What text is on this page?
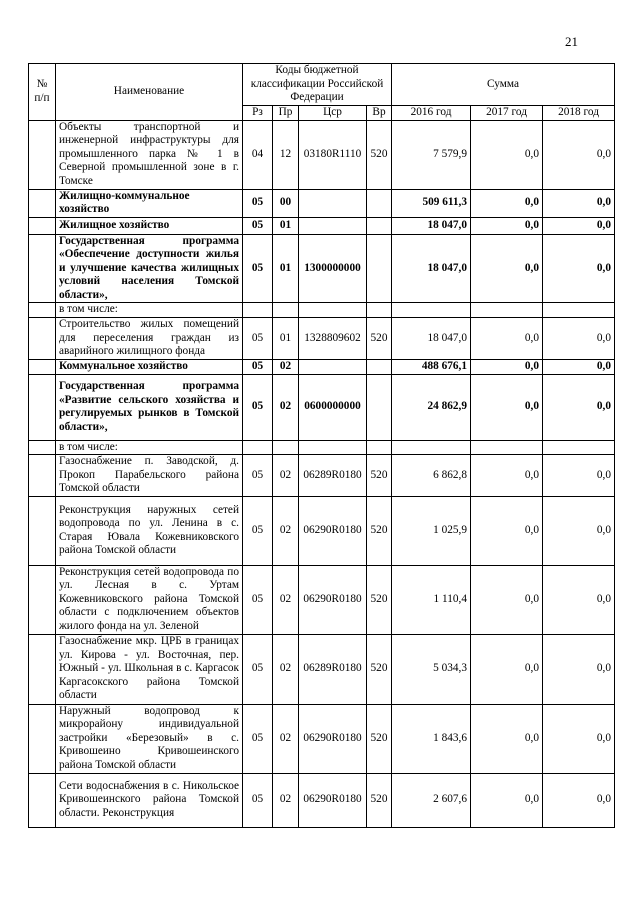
21
№ п/п	Наименование	Коды бюджетной классификации Российской Федерации				Сумма		
		Рз	Пр	Цср	Вр	2016 год	2017 год	2018 год
	Объекты транспортной и инженерной инфраструктуры для промышленного парка № 1 в Северной промышленной зоне в г. Томске	04	12	03180R1110	520	7 579,9	0,0	0,0
	Жилищно-коммунальное хозяйство	05	00			509 611,3	0,0	0,0
	Жилищное хозяйство	05	01			18 047,0	0,0	0,0
	Государственная программа «Обеспечение доступности жилья и улучшение качества жилищных условий населения Томской области»,	05	01	1300000000		18 047,0	0,0	0,0
	в том числе:							
	Строительство жилых помещений для переселения граждан из аварийного жилищного фонда	05	01	1328809602	520	18 047,0	0,0	0,0
	Коммунальное хозяйство	05	02			488 676,1	0,0	0,0
	Государственная программа «Развитие сельского хозяйства и регулируемых рынков в Томской области»,	05	02	0600000000		24 862,9	0,0	0,0
	в том числе:							
	Газоснабжение п. Заводской, д. Прокоп Парабельского района Томской области	05	02	06289R0180	520	6 862,8	0,0	0,0
	Реконструкция наружных сетей водопровода по ул. Ленина в с. Старая Ювала Кожевниковского района Томской области	05	02	06290R0180	520	1 025,9	0,0	0,0
	Реконструкция сетей водопровода по ул. Лесная в с. Уртам Кожевниковского района Томской области с подключением объектов жилого фонда на ул. Зеленой	05	02	06290R0180	520	1 110,4	0,0	0,0
	Газоснабжение мкр. ЦРБ в границах ул. Кирова - ул. Восточная, пер. Южный - ул. Школьная в с. Каргасок Каргасокского района Томской области	05	02	06289R0180	520	5 034,3	0,0	0,0
	Наружный водопровод к микрорайону индивидуальной застройки «Березовый» в с. Кривошеино Кривошеинского района Томской области	05	02	06290R0180	520	1 843,6	0,0	0,0
	Сети водоснабжения в с. Никольское Кривошеинского района Томской области. Реконструкция	05	02	06290R0180	520	2 607,6	0,0	0,0
